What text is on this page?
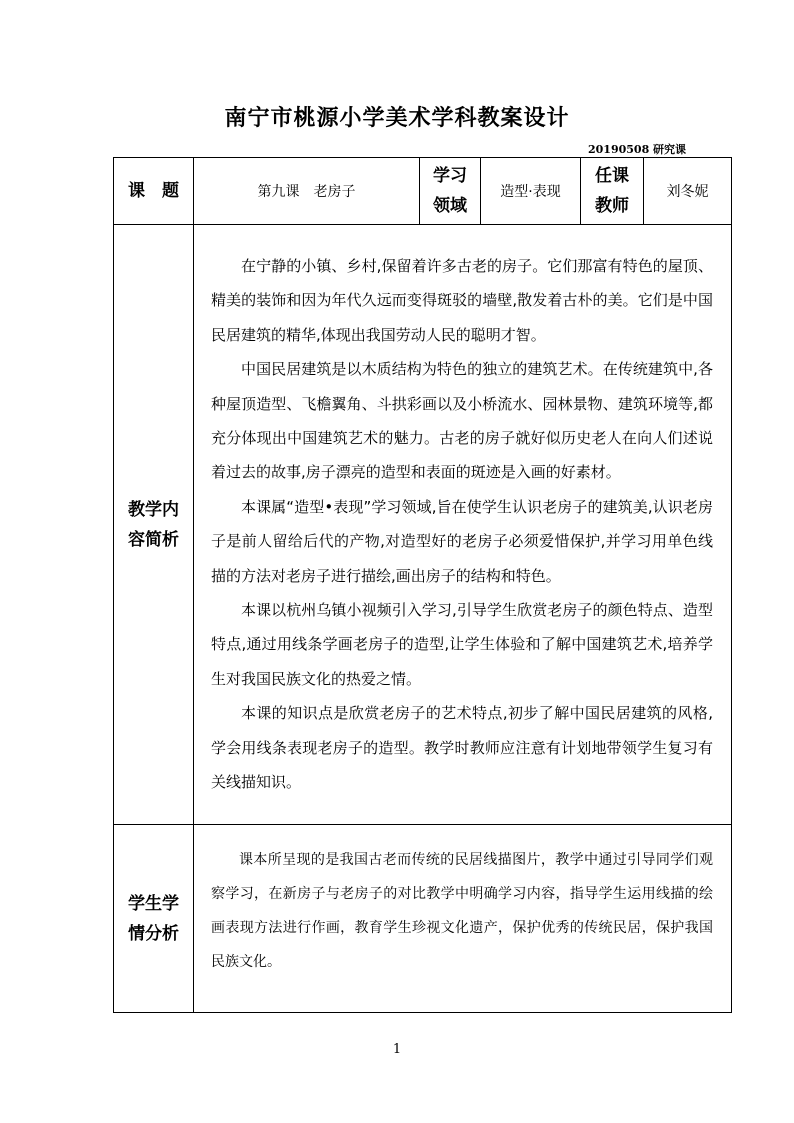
南宁市桃源小学美术学科教案设计
20190508 研究课
课　题	第九课　老房子	学习领域	造型·表现	任课教师	刘冬妮

教学内容简析	在宁静的小镇、乡村,保留着许多古老的房子。它们那富有特色的屋顶、精美的装饰和因为年代久远而变得斑驳的墙壁,散发着古朴的美。它们是中国民居建筑的精华,体现出我国劳动人民的聪明才智。

中国民居建筑是以木质结构为特色的独立的建筑艺术。在传统建筑中,各种屋顶造型、飞檐翼角、斗拱彩画以及小桥流水、园林景物、建筑环境等,都充分体现出中国建筑艺术的魅力。古老的房子就好似历史老人在向人们述说着过去的故事,房子漂亮的造型和表面的斑迹是入画的好素材。

本课属“造型•表现”学习领域,旨在使学生认识老房子的建筑美,认识老房子是前人留给后代的产物,对造型好的老房子必须爱惜保护,并学习用单色线描的方法对老房子进行描绘,画出房子的结构和特色。

本课以杭州乌镇小视频引入学习,引导学生欣赏老房子的颜色特点、造型特点,通过用线条学画老房子的造型,让学生体验和了解中国建筑艺术,培养学生对我国民族文化的热爱之情。

本课的知识点是欣赏老房子的艺术特点,初步了解中国民居建筑的风格,学会用线条表现老房子的造型。教学时教师应注意有计划地带领学生复习有关线描知识。				

学生学情分析	课本所呈现的是我国古老而传统的民居线描图片，教学中通过引导同学们观察学习，在新房子与老房子的对比教学中明确学习内容，指导学生运用线描的绘画表现方法进行作画，教育学生珍视文化遗产，保护优秀的传统民居，保护我国民族文化。				

1
